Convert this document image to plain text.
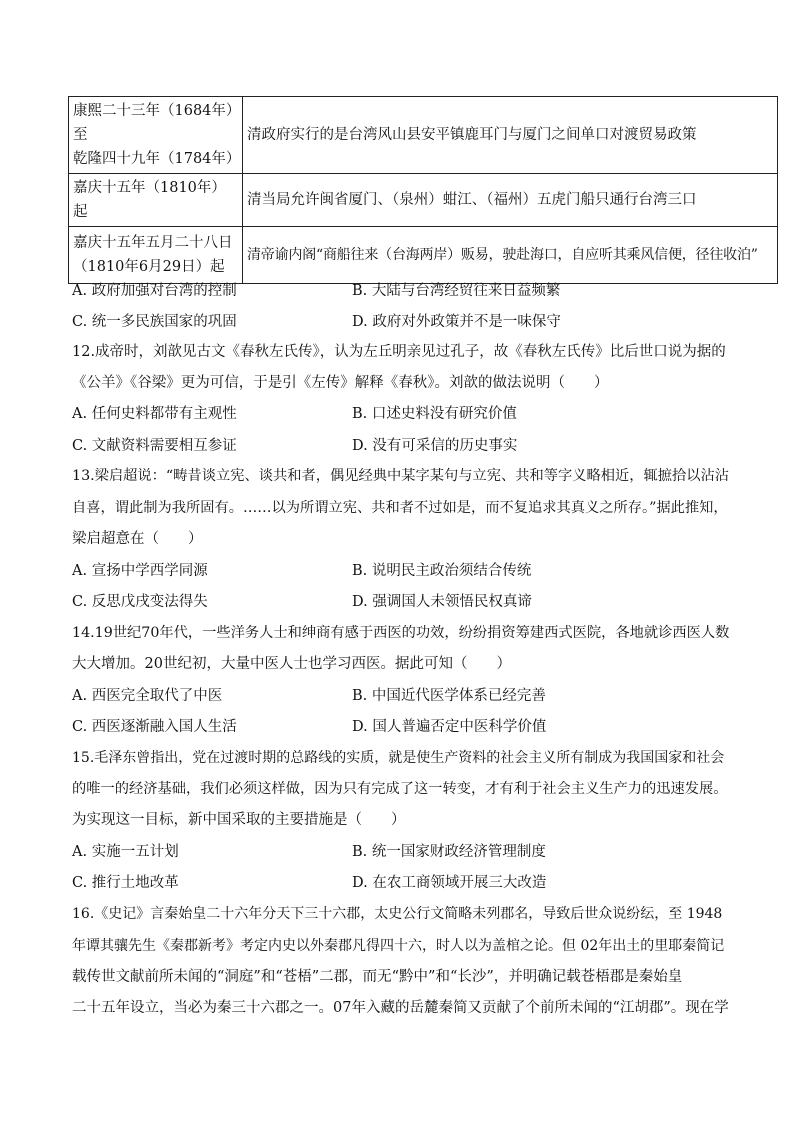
康熙二十三年（1684年）至
乾隆四十九年（1784年）	清政府实行的是台湾风山县安平镇鹿耳门与厦门之间单口对渡贸易政策

嘉庆十五年（1810年）起	清当局允许闽省厦门、（泉州）蚶江、（福州）五虎门船只通行台湾三口

嘉庆十五年五月二十八日
（1810年6月29日）起	清帝谕内阁“商船往来（台海两岸）贩易，驶赴海口，自应听其乘风信便，径往收泊”
A. 政府加强对台湾的控制	B. 大陆与台湾经贸往来日益频繁
C. 统一多民族国家的巩固	D. 政府对外政策并不是一味保守
12.成帝时，刘歆见古文《春秋左氏传》，认为左丘明亲见过孔子，故《春秋左氏传》比后世口说为据的
《公羊》《谷梁》更为可信，于是引《左传》解释《春秋》。刘歆的做法说明（　　）
A. 任何史料都带有主观性	B. 口述史料没有研究价值
C. 文献资料需要相互参证	D. 没有可采信的历史事实
13.梁启超说：“畴昔谈立宪、谈共和者，偶见经典中某字某句与立宪、共和等字义略相近，辄摭拾以沾沾
自喜，谓此制为我所固有。……以为所谓立宪、共和者不过如是，而不复追求其真义之所存。”据此推知，
梁启超意在（　　）
A. 宣扬中学西学同源	B. 说明民主政治须结合传统
C. 反思戊戌变法得失	D. 强调国人未领悟民权真谛
14.19世纪70年代，一些洋务人士和绅商有感于西医的功效，纷纷捐资筹建西式医院，各地就诊西医人数
大大增加。20世纪初，大量中医人士也学习西医。据此可知（　　）
A. 西医完全取代了中医	B. 中国近代医学体系已经完善
C. 西医逐渐融入国人生活	D. 国人普遍否定中医科学价值
15.毛泽东曾指出，党在过渡时期的总路线的实质，就是使生产资料的社会主义所有制成为我国国家和社会
的唯一的经济基础，我们必须这样做，因为只有完成了这一转变，才有利于社会主义生产力的迅速发展。
为实现这一目标，新中国采取的主要措施是（　　）
A. 实施一五计划	B. 统一国家财政经济管理制度
C. 推行土地改革	D. 在农工商领域开展三大改造
16.《史记》言秦始皇二十六年分天下三十六郡，太史公行文简略未列郡名，导致后世众说纷纭，至 1948
年谭其骧先生《秦郡新考》考定内史以外秦郡凡得四十六，时人以为盖棺之论。但 02年出土的里耶秦简记
载传世文献前所未闻的“洞庭”和“苍梧”二郡，而无“黔中”和“长沙”，并明确记载苍梧郡是秦始皇
二十五年设立，当必为秦三十六郡之一。07年入藏的岳麓秦简又贡献了个前所未闻的“江胡郡”。现在学
